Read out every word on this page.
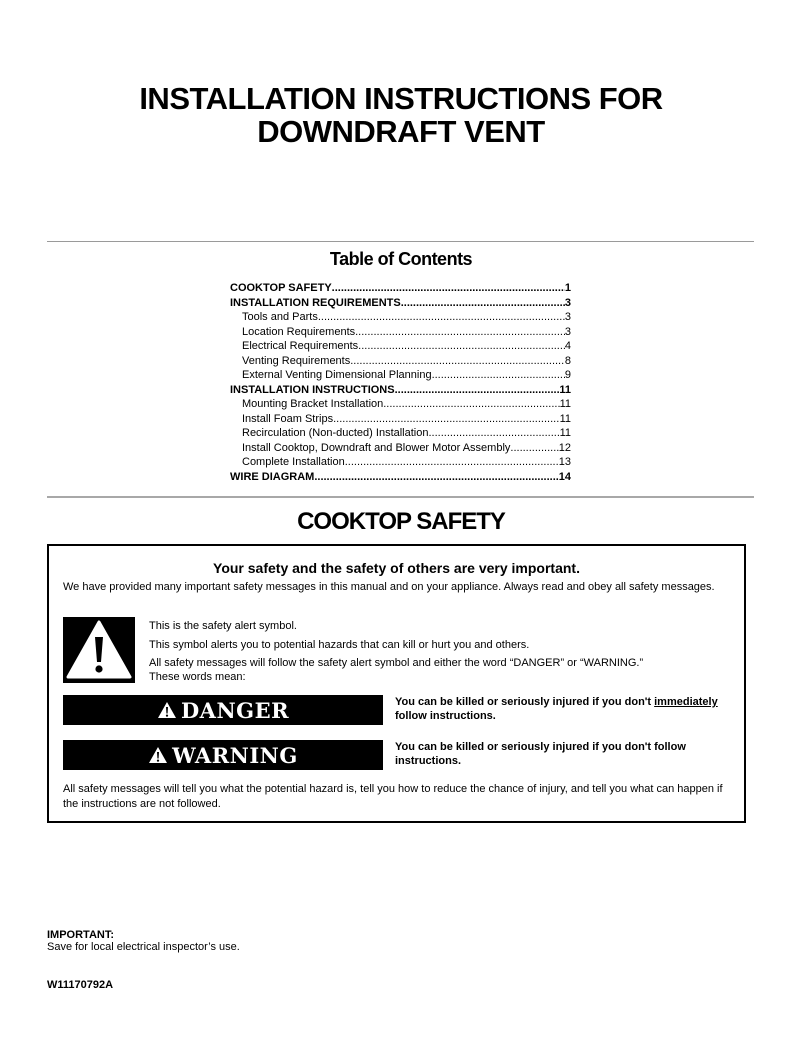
INSTALLATION INSTRUCTIONS FOR
DOWNDRAFT VENT
Table of Contents
COOKTOP SAFETY .....	1
INSTALLATION REQUIREMENTS .....	3
Tools and Parts .....	3
Location Requirements .....	3
Electrical Requirements .....	4
Venting Requirements .....	8
External Venting Dimensional Planning .....	9
INSTALLATION INSTRUCTIONS .....	11
Mounting Bracket Installation .....	11
Install Foam Strips .....	11
Recirculation (Non-ducted) Installation .....	11
Install Cooktop, Downdraft and Blower Motor Assembly .....	12
Complete Installation .....	13
WIRE DIAGRAM .....	14
COOKTOP SAFETY
Your safety and the safety of others are very important.
We have provided many important safety messages in this manual and on your appliance. Always read and obey all safety messages.
This is the safety alert symbol.
This symbol alerts you to potential hazards that can kill or hurt you and others.
All safety messages will follow the safety alert symbol and either the word “DANGER” or “WARNING.”
These words mean:
DANGER	You can be killed or seriously injured if you don't immediately
follow instructions.
WARNING	You can be killed or seriously injured if you don't follow instructions.
All safety messages will tell you what the potential hazard is, tell you how to reduce the chance of injury, and tell you what can happen if the instructions are not followed.
IMPORTANT:
Save for local electrical inspector’s use.
W11170792A
